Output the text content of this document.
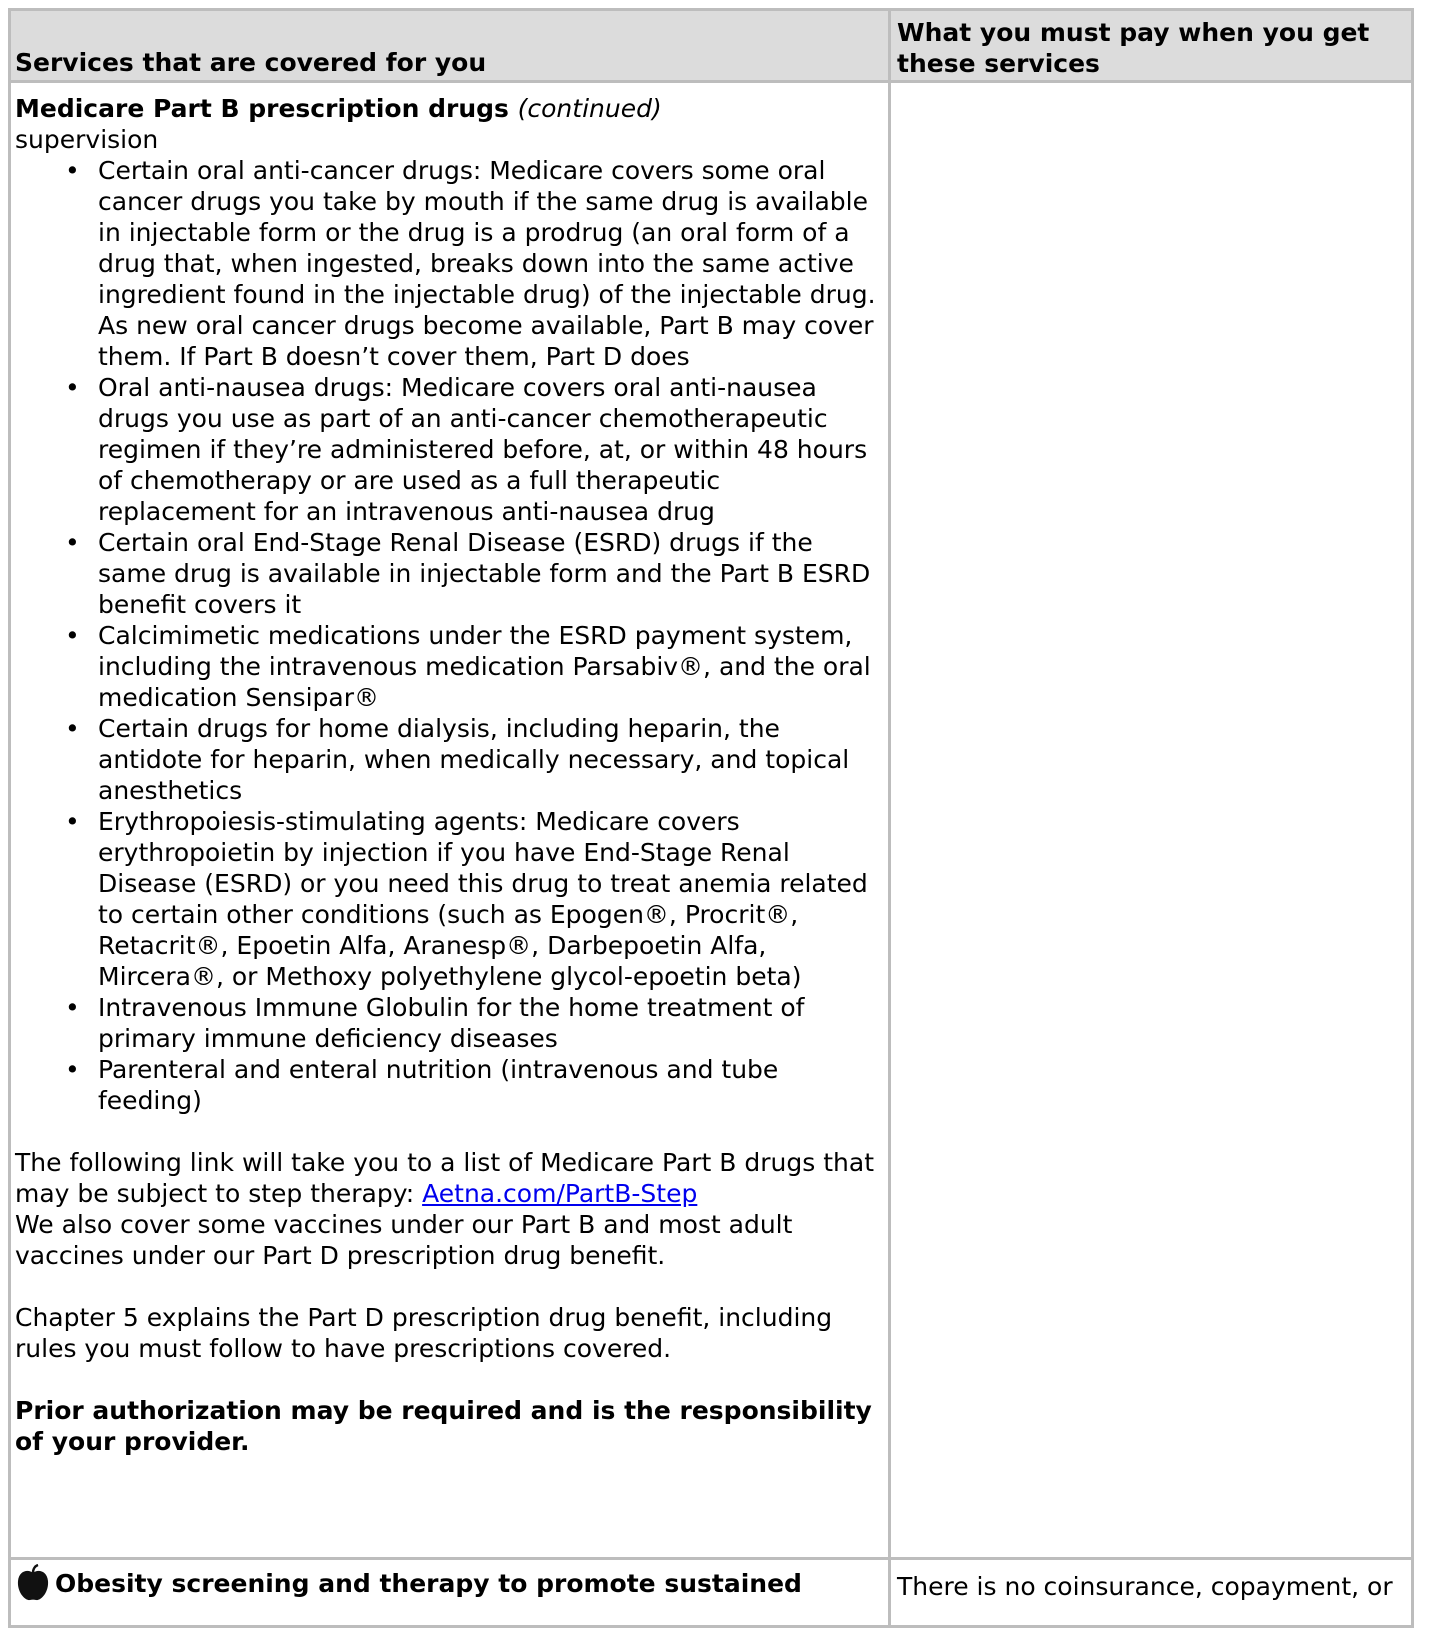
Services that are covered for you
What you must pay when you get these services

Medicare Part B prescription drugs (continued)

supervision

• Certain oral anti-cancer drugs: Medicare covers some oral cancer drugs you take by mouth if the same drug is available in injectable form or the drug is a prodrug (an oral form of a drug that, when ingested, breaks down into the same active ingredient found in the injectable drug) of the injectable drug. As new oral cancer drugs become available, Part B may cover them. If Part B doesn’t cover them, Part D does
• Oral anti-nausea drugs: Medicare covers oral anti-nausea drugs you use as part of an anti-cancer chemotherapeutic regimen if they’re administered before, at, or within 48 hours of chemotherapy or are used as a full therapeutic replacement for an intravenous anti-nausea drug
• Certain oral End-Stage Renal Disease (ESRD) drugs if the same drug is available in injectable form and the Part B ESRD benefit covers it
• Calcimimetic medications under the ESRD payment system, including the intravenous medication Parsabiv®, and the oral medication Sensipar®
• Certain drugs for home dialysis, including heparin, the antidote for heparin, when medically necessary, and topical anesthetics
• Erythropoiesis-stimulating agents: Medicare covers erythropoietin by injection if you have End-Stage Renal Disease (ESRD) or you need this drug to treat anemia related to certain other conditions (such as Epogen®, Procrit®, Retacrit®, Epoetin Alfa, Aranesp®, Darbepoetin Alfa, Mircera®, or Methoxy polyethylene glycol-epoetin beta)
• Intravenous Immune Globulin for the home treatment of primary immune deficiency diseases
• Parenteral and enteral nutrition (intravenous and tube feeding)

The following link will take you to a list of Medicare Part B drugs that may be subject to step therapy: Aetna.com/PartB-Step

We also cover some vaccines under our Part B and most adult vaccines under our Part D prescription drug benefit.

Chapter 5 explains the Part D prescription drug benefit, including rules you must follow to have prescriptions covered.

Prior authorization may be required and is the responsibility of your provider.

Obesity screening and therapy to promote sustained	There is no coinsurance, copayment, or
